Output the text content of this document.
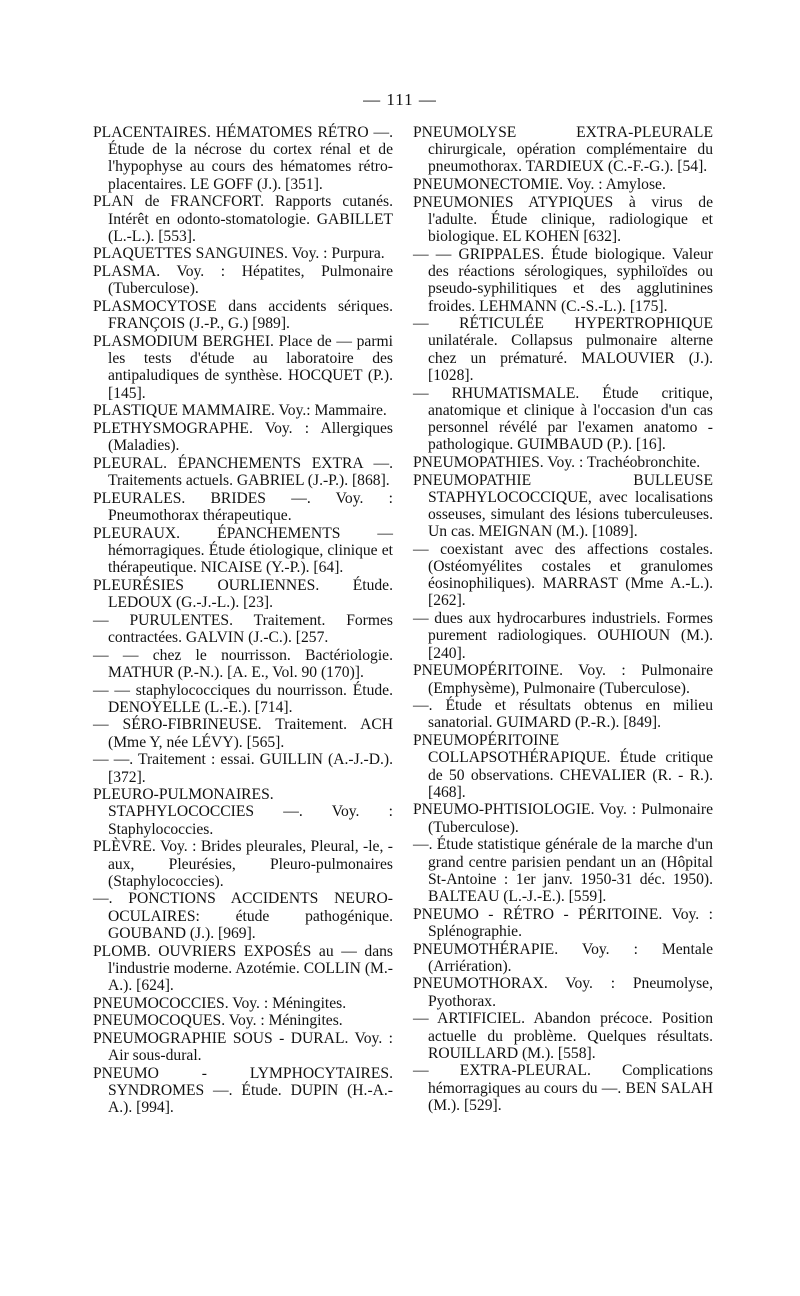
— 111 —

PLACENTAIRES. HÉMATOMES RÉTRO —. Étude de la nécrose du cortex rénal et de l'hypophyse au cours des hématomes rétro-placentaires. LE GOFF (J.). [351].

PLAN de FRANCFORT. Rapports cutanés. Intérêt en odonto-stomatologie. GABILLET (L.-L.). [553].

PLAQUETTES SANGUINES. Voy. : Purpura.

PLASMA. Voy. : Hépatites, Pulmonaire (Tuberculose).

PLASMOCYTOSE dans accidents sériques. FRANÇOIS (J.-P., G.) [989].

PLASMODIUM BERGHEI. Place de — parmi les tests d'étude au laboratoire des antipaludiques de synthèse. HOCQUET (P.). [145].

PLASTIQUE MAMMAIRE. Voy.: Mammaire.

PLETHYSMOGRAPHE. Voy. : Allergiques (Maladies).

PLEURAL. ÉPANCHEMENTS EXTRA —. Traitements actuels. GABRIEL (J.-P.). [868].

PLEURALES. BRIDES —. Voy. : Pneumothorax thérapeutique.

PLEURAUX. ÉPANCHEMENTS — hémorragiques. Étude étiologique, clinique et thérapeutique. NICAISE (Y.-P.). [64].

PLEURÉSIES OURLIENNES. Étude. LEDOUX (G.-J.-L.). [23].

— PURULENTES. Traitement. Formes contractées. GALVIN (J.-C.). [257.

— — chez le nourrisson. Bactériologie. MATHUR (P.-N.). [A. E., Vol. 90 (170)].

— — staphylococciques du nourrisson. Étude. DENOYELLE (L.-E.). [714].

— SÉRO-FIBRINEUSE. Traitement. ACH (Mme Y, née LÉVY). [565].

— —. Traitement : essai. GUILLIN (A.-J.-D.). [372].

PLEURO-PULMONAIRES. STAPHYLOCOCCIES —. Voy. : Staphylococcies.

PLÈVRE. Voy. : Brides pleurales, Pleural, -le, -aux, Pleurésies, Pleuro-pulmonaires (Staphylococcies).

—. PONCTIONS ACCIDENTS NEURO-OCULAIRES: étude pathogénique. GOUBAND (J.). [969].

PLOMB. OUVRIERS EXPOSÉS au — dans l'industrie moderne. Azotémie. COLLIN (M.-A.). [624].

PNEUMOCOCCIES. Voy. : Méningites.

PNEUMOCOQUES. Voy. : Méningites.

PNEUMOGRAPHIE SOUS - DURAL. Voy. : Air sous-dural.

PNEUMO - LYMPHOCYTAIRES. SYNDROMES —. Étude. DUPIN (H.-A.-A.). [994].

PNEUMOLYSE EXTRA-PLEURALE chirurgicale, opération complémentaire du pneumothorax. TARDIEUX (C.-F.-G.). [54].

PNEUMONECTOMIE. Voy. : Amylose.

PNEUMONIES ATYPIQUES à virus de l'adulte. Étude clinique, radiologique et biologique. EL KOHEN [632].

— — GRIPPALES. Étude biologique. Valeur des réactions sérologiques, syphiloïdes ou pseudo-syphilitiques et des agglutinines froides. LEHMANN (C.-S.-L.). [175].

— RÉTICULÉE HYPERTROPHIQUE unilatérale. Collapsus pulmonaire alterne chez un prématuré. MALOUVIER (J.). [1028].

— RHUMATISMALE. Étude critique, anatomique et clinique à l'occasion d'un cas personnel révélé par l'examen anatomo - pathologique. GUIMBAUD (P.). [16].

PNEUMOPATHIES. Voy. : Trachéobronchite.

PNEUMOPATHIE BULLEUSE STAPHYLOCOCCIQUE, avec localisations osseuses, simulant des lésions tuberculeuses. Un cas. MEIGNAN (M.). [1089].

— coexistant avec des affections costales. (Ostéomyélites costales et granulomes éosinophiliques). MARRAST (Mme A.-L.). [262].

— dues aux hydrocarbures industriels. Formes purement radiologiques. OUHIOUN (M.). [240].

PNEUMOPÉRITOINE. Voy. : Pulmonaire (Emphysème), Pulmonaire (Tuberculose).

—. Étude et résultats obtenus en milieu sanatorial. GUIMARD (P.-R.). [849].

PNEUMOPÉRITOINE COLLAPSOTHÉRAPIQUE. Étude critique de 50 observations. CHEVALIER (R. - R.). [468].

PNEUMO-PHTISIOLOGIE. Voy. : Pulmonaire (Tuberculose).

—. Étude statistique générale de la marche d'un grand centre parisien pendant un an (Hôpital St-Antoine : 1er janv. 1950-31 déc. 1950). BALTEAU (L.-J.-E.). [559].

PNEUMO - RÉTRO - PÉRITOINE. Voy. : Splénographie.

PNEUMOTHÉRAPIE. Voy. : Mentale (Arriération).

PNEUMOTHORAX. Voy. : Pneumolyse, Pyothorax.

— ARTIFICIEL. Abandon précoce. Position actuelle du problème. Quelques résultats. ROUILLARD (M.). [558].

— EXTRA-PLEURAL. Complications hémorragiques au cours du —. BEN SALAH (M.). [529].
